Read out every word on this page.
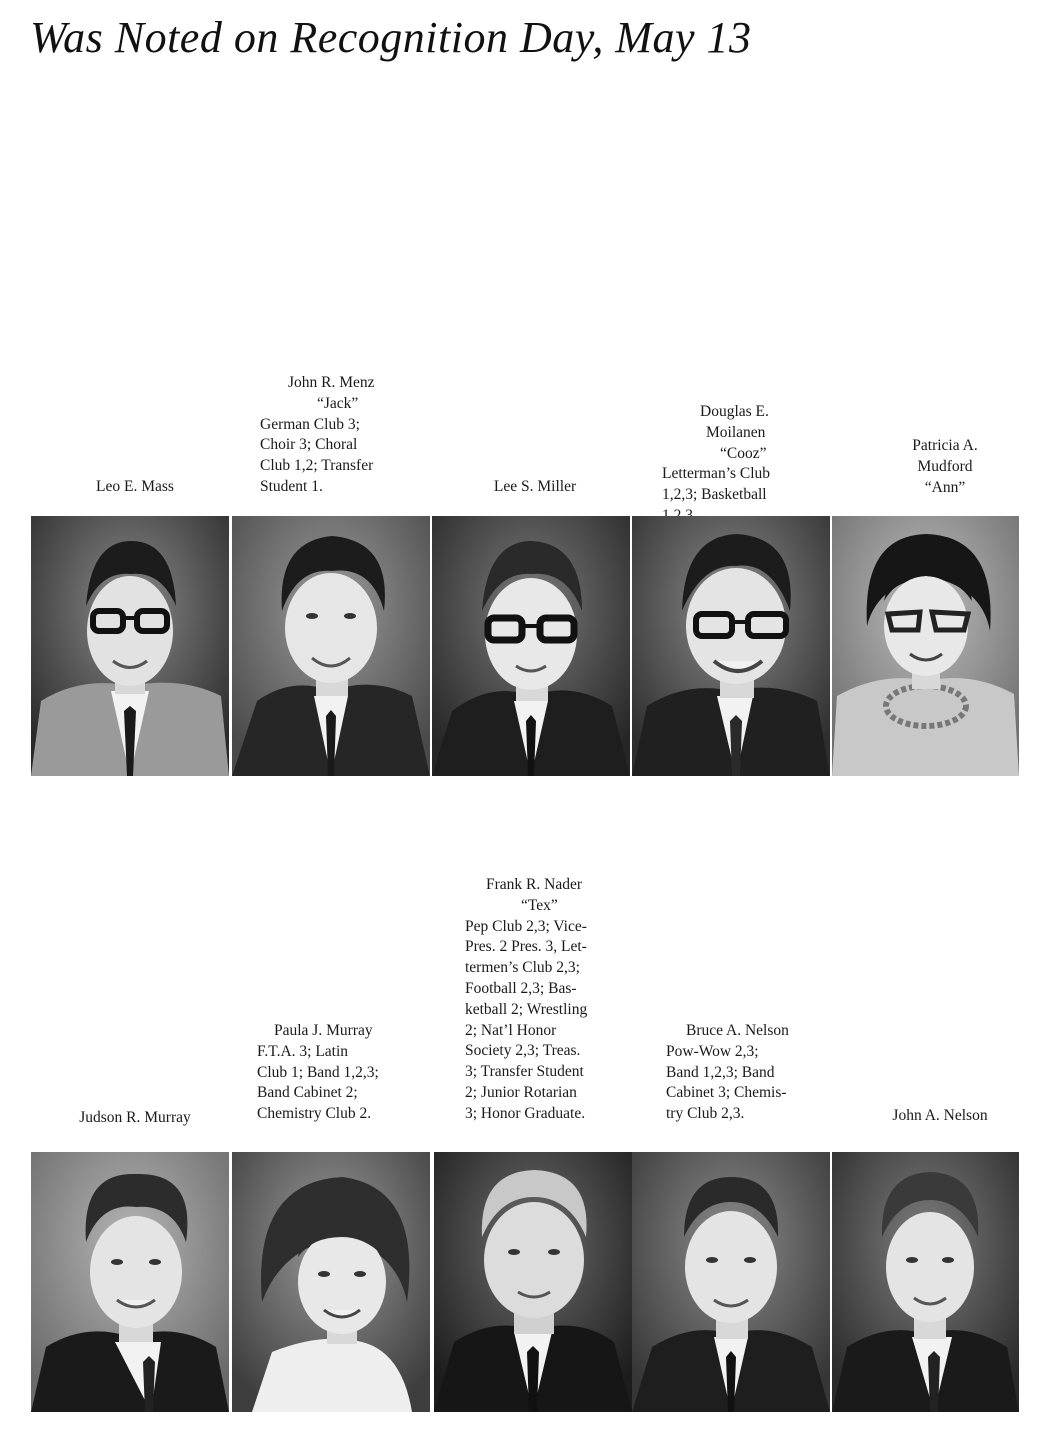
Was Noted on Recognition Day, May 13
Leo E. Mass
John R. Menz
“Jack”
German Club 3;
Choir 3; Choral
Club 1,2; Transfer
Student 1.	Lee S. Miller
Douglas E.
Moilanen
“Cooz”
Letterman’s Club
1,2,3; Basketball
Patricia A.
Mudford
“Ann”
Judson R. Murray
Paula J. Murray
F.T.A. 3; Latin
Club 1; Band 1,2,3;
Band Cabinet 2;
Chemistry Club 2.
Frank R. Nader
“Tex”
Pep Club 2,3; Vice-
Pres. 2 Pres. 3, Let-
termen’s Club 2,3;
Football 2,3; Bas-
ketball 2; Wrestling
2; Nat’l Honor
Society 2,3; Treas.
3; Transfer Student
2; Junior Rotarian
3; Honor Graduate.
Bruce A. Nelson
Pow-Wow 2,3;
Band 1,2,3; Band
Cabinet 3; Chemis-
try Club 2,3.	John A. Nelson
